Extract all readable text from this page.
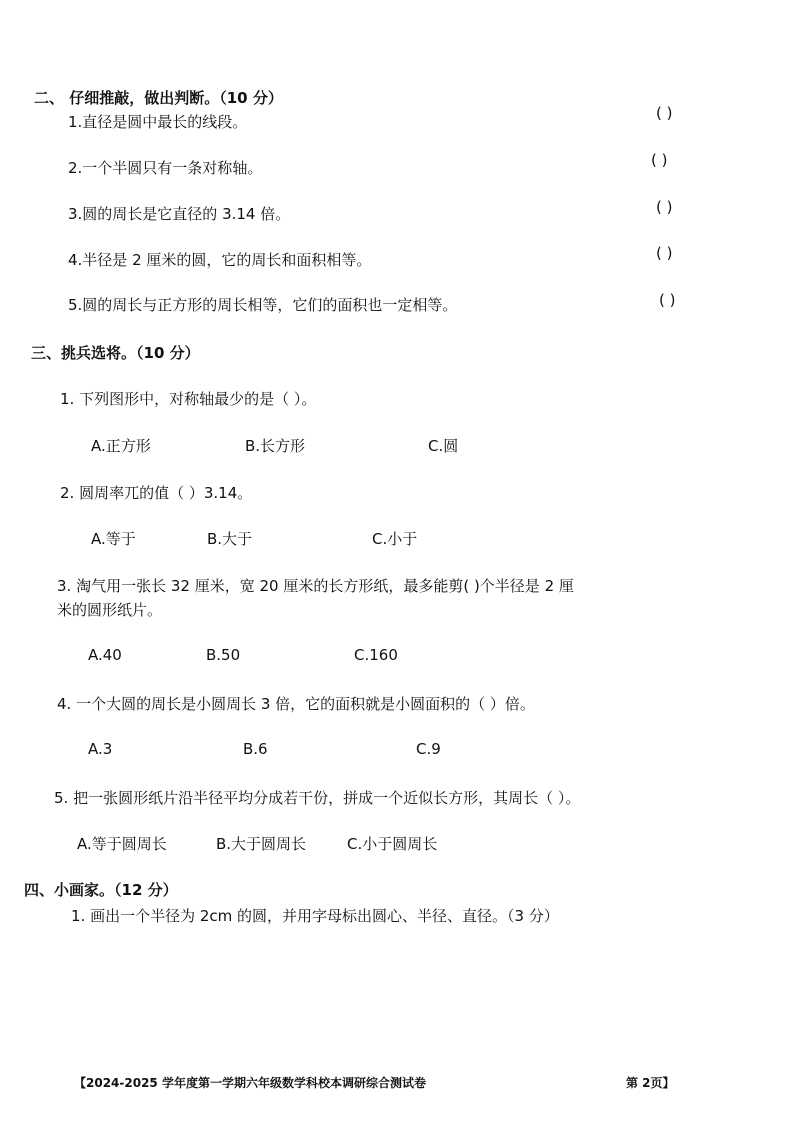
二、 仔细推敲，做出判断。（10 分）
1.直径是圆中最长的线段。	( )
2.一个半圆只有一条对称轴。	( )
3.圆的周长是它直径的 3.14 倍。	( )
4.半径是 2 厘米的圆，它的周长和面积相等。	( )
5.圆的周长与正方形的周长相等，它们的面积也一定相等。	( )
三、挑兵选将。（10 分）
1. 下列图形中，对称轴最少的是（ ）。
A.正方形	B.长方形	C.圆
2. 圆周率兀的值（ ）3.14。
A.等于	B.大于	C.小于
3. 淘气用一张长 32 厘米，宽 20 厘米的长方形纸，最多能剪( )个半径是 2 厘
米的圆形纸片。
A.40	B.50	C.160
4. 一个大圆的周长是小圆周长 3 倍，它的面积就是小圆面积的（ ）倍。
A.3	B.6	C.9
5. 把一张圆形纸片沿半径平均分成若干份，拼成一个近似长方形，其周长（ ）。
A.等于圆周长	B.大于圆周长	C.小于圆周长
四、小画家。（12 分）
1. 画出一个半径为 2cm 的圆，并用字母标出圆心、半径、直径。（3 分）
【2024-2025 学年度第一学期六年级数学科校本调研综合测试卷	第 2页】
